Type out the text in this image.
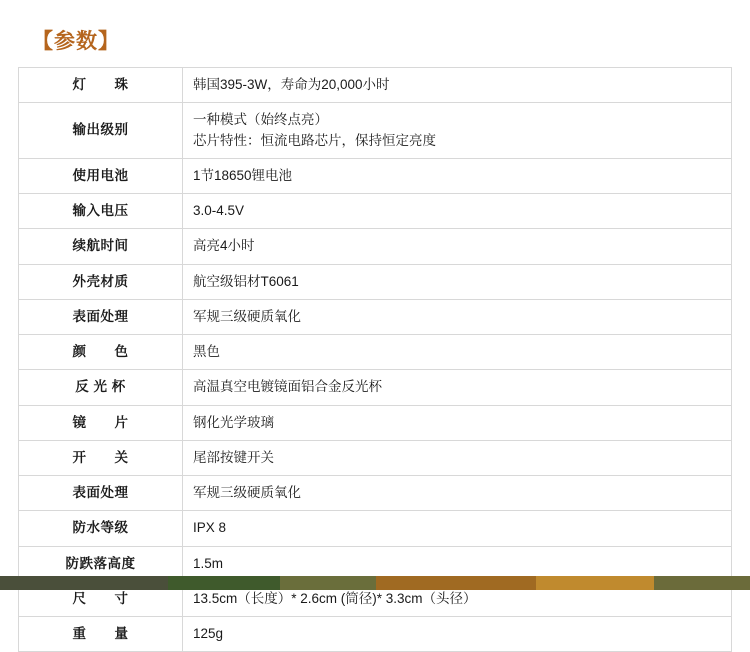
【参数】
灯　　珠	韩国395-3W，寿命为20,000小时

输出级别	一种模式（始终点亮）
芯片特性：恒流电路芯片，保持恒定亮度

使用电池	1节18650锂电池

输入电压	3.0-4.5V

续航时间	高亮4小时

外壳材质	航空级铝材T6061

表面处理	军规三级硬质氧化

颜　　色	黑色

反 光 杯	高温真空电镀镜面铝合金反光杯

镜　　片	钢化光学玻璃

开　　关	尾部按键开关

表面处理	军规三级硬质氧化

防水等级	IPX 8

防跌落高度	1.5m

尺　　寸	13.5cm（长度）* 2.6cm (筒径)* 3.3cm（头径）

重　　量	125g
